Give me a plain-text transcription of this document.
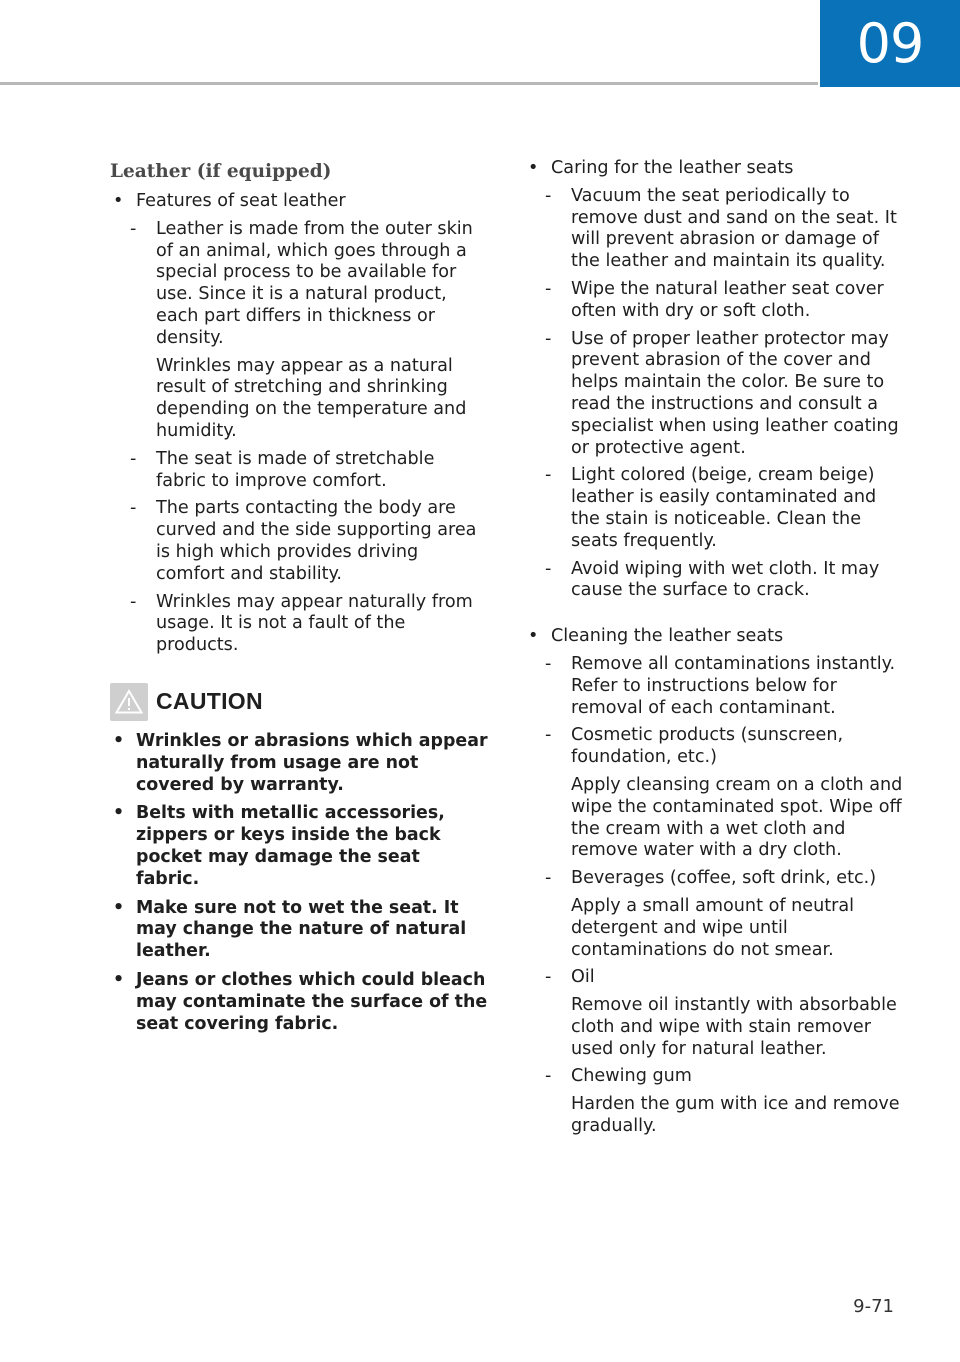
09
Leather (if equipped)
• Features of seat leather
- Leather is made from the outer skin of an animal, which goes through a special process to be available for use. Since it is a natural product, each part differs in thickness or density.

Wrinkles may appear as a natural result of stretching and shrinking depending on the temperature and humidity.

- The seat is made of stretchable fabric to improve comfort.

- The parts contacting the body are curved and the side supporting area is high which provides driving comfort and stability.

- Wrinkles may appear naturally from usage. It is not a fault of the products.

CAUTION
• Wrinkles or abrasions which appear naturally from usage are not covered by warranty.
• Belts with metallic accessories, zippers or keys inside the back pocket may damage the seat fabric.
• Make sure not to wet the seat. It may change the nature of natural leather.
• Jeans or clothes which could bleach may contaminate the surface of the seat covering fabric.
• Caring for the leather seats
- Vacuum the seat periodically to remove dust and sand on the seat. It will prevent abrasion or damage of the leather and maintain its quality.

- Wipe the natural leather seat cover often with dry or soft cloth.

- Use of proper leather protector may prevent abrasion of the cover and helps maintain the color. Be sure to read the instructions and consult a specialist when using leather coating or protective agent.

- Light colored (beige, cream beige) leather is easily contaminated and the stain is noticeable. Clean the seats frequently.

- Avoid wiping with wet cloth. It may cause the surface to crack.

• Cleaning the leather seats
- Remove all contaminations instantly. Refer to instructions below for removal of each contaminant.

- Cosmetic products (sunscreen, foundation, etc.)

Apply cleansing cream on a cloth and wipe the contaminated spot. Wipe off the cream with a wet cloth and remove water with a dry cloth.

- Beverages (coffee, soft drink, etc.)

Apply a small amount of neutral detergent and wipe until contaminations do not smear.

- Oil

Remove oil instantly with absorbable cloth and wipe with stain remover used only for natural leather.

- Chewing gum

Harden the gum with ice and remove gradually.

9-71
